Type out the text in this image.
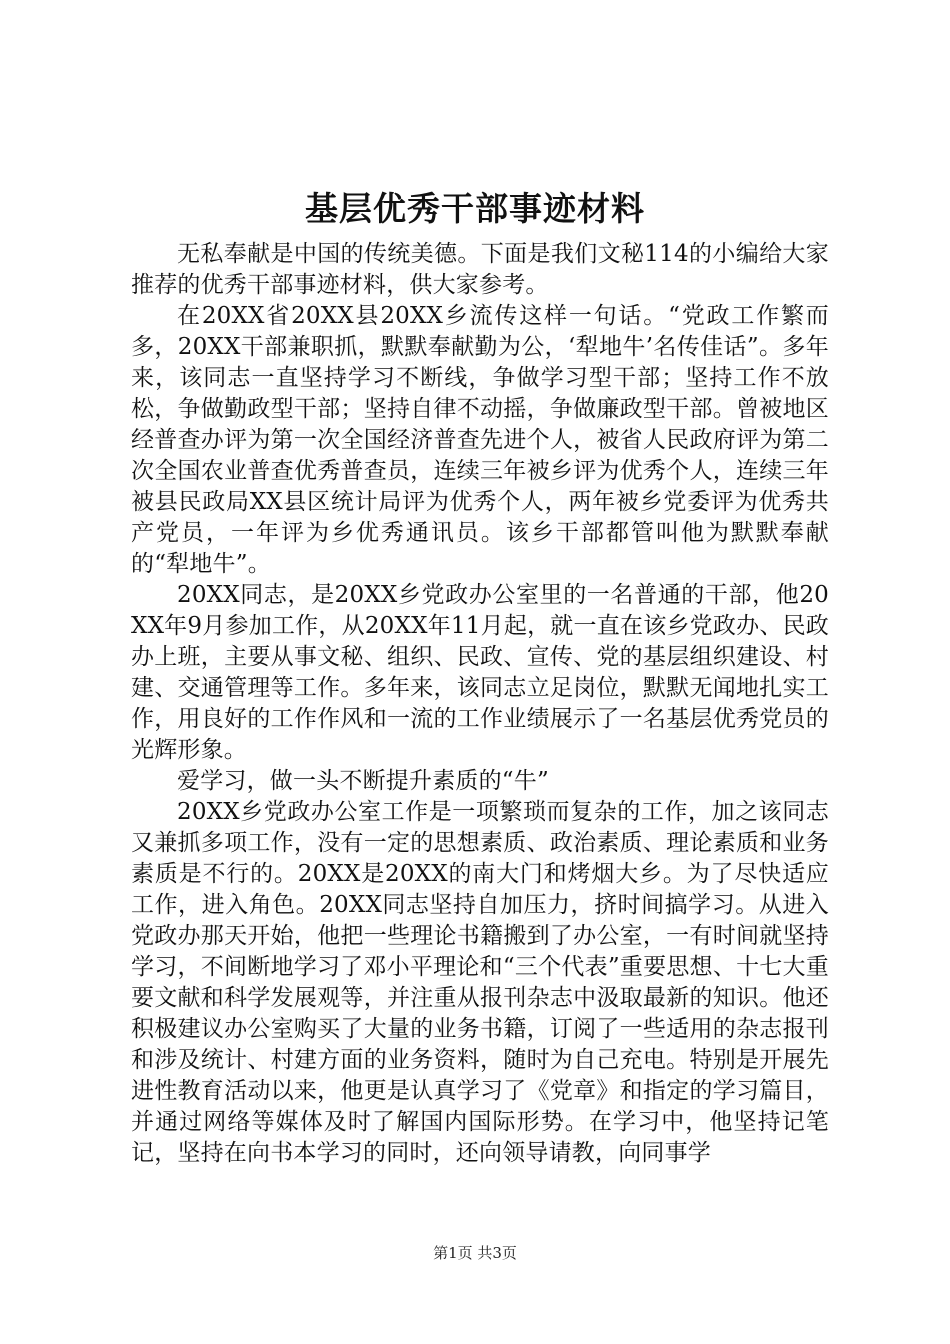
基层优秀干部事迹材料

无私奉献是中国的传统美德。下面是我们文秘114的小编给大家推荐的优秀干部事迹材料，供大家参考。

在20XX省20XX县20XX乡流传这样一句话。“党政工作繁而多，20XX干部兼职抓，默默奉献勤为公，‘犁地牛’名传佳话”。多年来，该同志一直坚持学习不断线，争做学习型干部；坚持工作不放松，争做勤政型干部；坚持自律不动摇，争做廉政型干部。曾被地区经普查办评为第一次全国经济普查先进个人，被省人民政府评为第二次全国农业普查优秀普查员，连续三年被乡评为优秀个人，连续三年被县民政局XX县区统计局评为优秀个人，两年被乡党委评为优秀共产党员，一年评为乡优秀通讯员。该乡干部都管叫他为默默奉献的“犁地牛”。

20XX同志，是20XX乡党政办公室里的一名普通的干部，他20XX年9月参加工作，从20XX年11月起，就一直在该乡党政办、民政办上班，主要从事文秘、组织、民政、宣传、党的基层组织建设、村建、交通管理等工作。多年来，该同志立足岗位，默默无闻地扎实工作，用良好的工作作风和一流的工作业绩展示了一名基层优秀党员的光辉形象。

爱学习，做一头不断提升素质的“牛”

20XX乡党政办公室工作是一项繁琐而复杂的工作，加之该同志又兼抓多项工作，没有一定的思想素质、政治素质、理论素质和业务素质是不行的。20XX是20XX的南大门和烤烟大乡。为了尽快适应工作，进入角色。20XX同志坚持自加压力，挤时间搞学习。从进入党政办那天开始，他把一些理论书籍搬到了办公室，一有时间就坚持学习，不间断地学习了邓小平理论和“三个代表”重要思想、十七大重要文献和科学发展观等，并注重从报刊杂志中汲取最新的知识。他还积极建议办公室购买了大量的业务书籍，订阅了一些适用的杂志报刊和涉及统计、村建方面的业务资料，随时为自己充电。特别是开展先进性教育活动以来，他更是认真学习了《党章》和指定的学习篇目，并通过网络等媒体及时了解国内国际形势。在学习中，他坚持记笔记，坚持在向书本学习的同时，还向领导请教，向同事学

第1页 共3页
